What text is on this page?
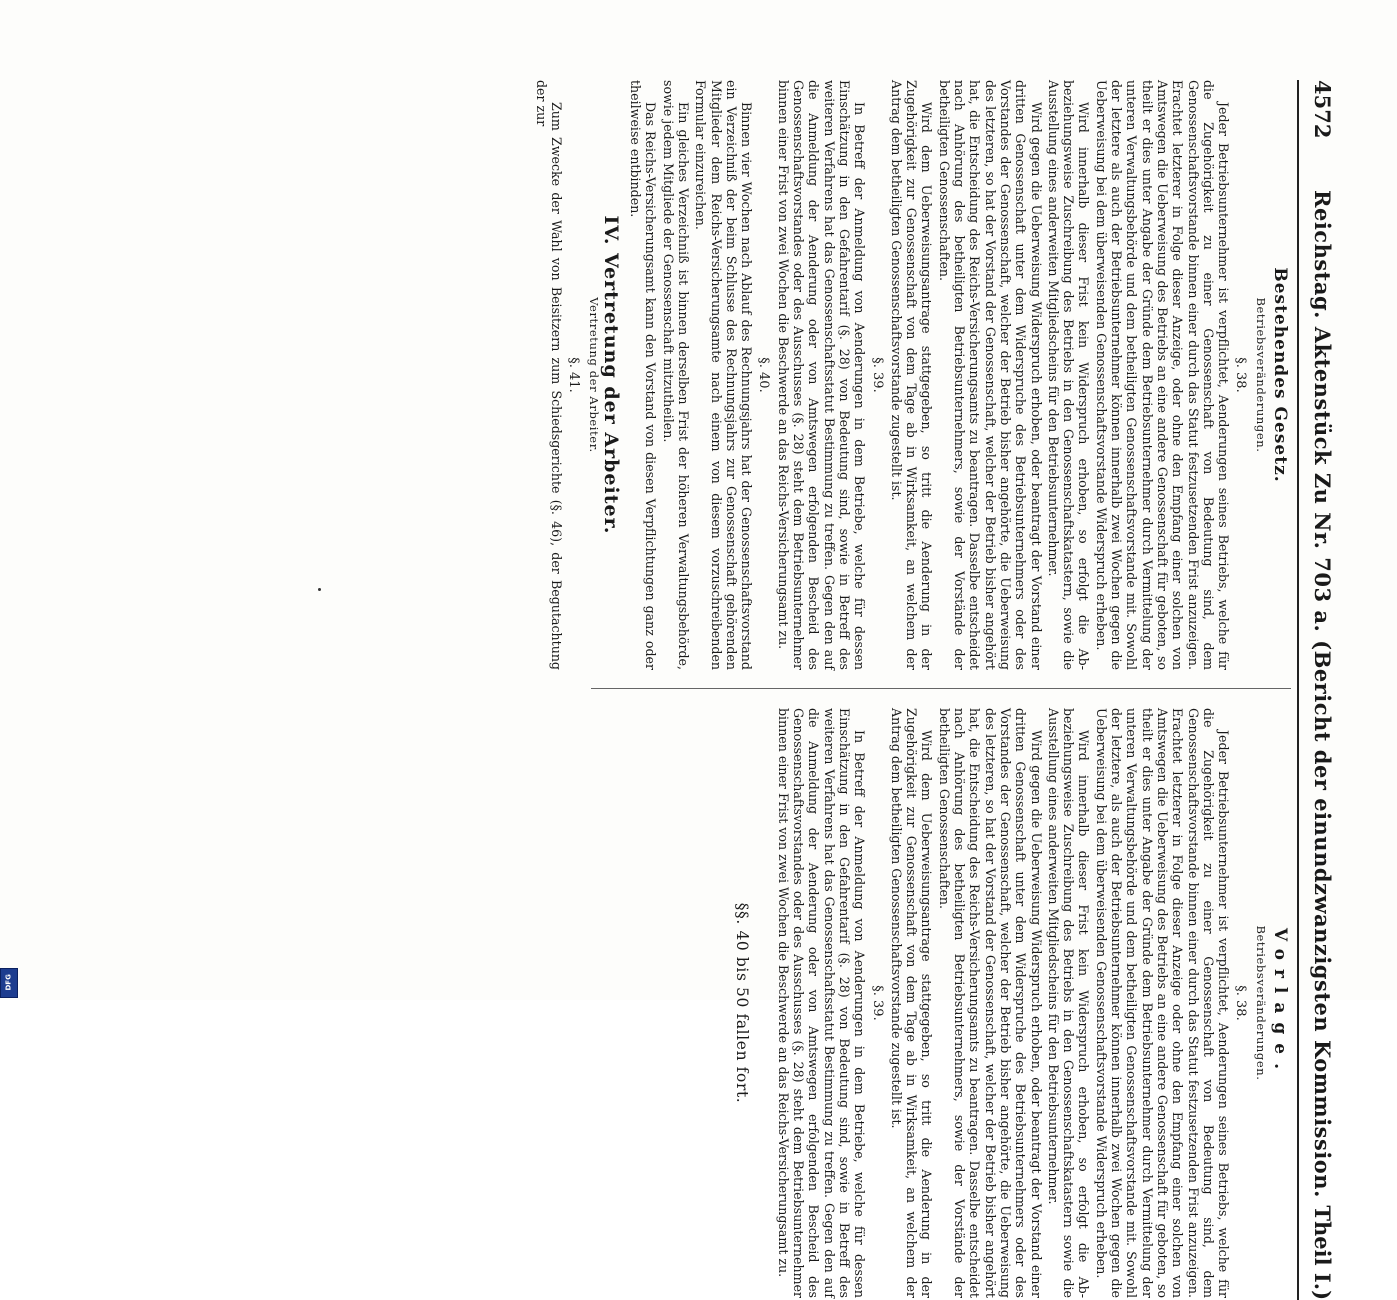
4572
Reichstag. Aktenstück Zu Nr. 703 a. (Bericht der einundzwanzigsten Kommission.
Theil I.)
Bestehendes Gesetz.
Betriebsveränderungen.
§. 38.

Jeder Betriebsunternehmer ist verpflichtet, Aenderungen seines Betriebs, welche für die Zugehörigkeit zu einer Genossenschaft von Bedeutung sind, dem Genossenschaftsvorstande binnen einer durch das Statut festzusetzenden Frist anzuzeigen. Erachtet letzterer in Folge dieser Anzeige, oder ohne den Empfang einer solchen von Amtswegen die Ueberweisung des Betriebs an eine andere Genossenschaft für geboten, so theilt er dies unter Angabe der Gründe dem Betriebsunternehmer durch Vermittelung der unteren Verwaltungsbehörde und dem betheiligten Genossenschaftsvorstande mit. Sowohl der letztere als auch der Betriebsunternehmer können innerhalb zwei Wochen gegen die Ueberweisung bei dem überweisenden Genossenschaftsvorstande Widerspruch erheben.

Wird innerhalb dieser Frist kein Widerspruch erhoben, so erfolgt die Ab- beziehungsweise Zuschreibung des Betriebs in den Genossenschaftskatastern, sowie die Ausstellung eines anderweiten Mitgliedscheins für den Betriebsunternehmer.

Wird gegen die Ueberweisung Widerspruch erhoben, oder beantragt der Vorstand einer dritten Genossenschaft unter dem Widerspruche des Betriebsunternehmers oder des Vorstandes der Genossenschaft, welcher der Betrieb bisher angehörte, die Ueberweisung des letzteren, so hat der Vorstand der Genossenschaft, welcher der Betrieb bisher angehört hat, die Entscheidung des Reichs-Versicherungsamts zu beantragen. Dasselbe entscheidet nach Anhörung des betheiligten Betriebsunternehmers, sowie der Vorstände der betheiligten Genossenschaften.

Wird dem Ueberweisungsantrage stattgegeben, so tritt die Aenderung in der Zugehörigkeit zur Genossenschaft von dem Tage ab in Wirksamkeit, an welchem der Antrag dem betheiligten Genossenschaftsvorstande zugestellt ist.

§. 39.

In Betreff der Anmeldung von Aenderungen in dem Betriebe, welche für dessen Einschätzung in den Gefahrentarif (§. 28) von Bedeutung sind, sowie in Betreff des weiteren Verfahrens hat das Genossenschaftsstatut Bestimmung zu treffen. Gegen den auf die Anmeldung der Aenderung oder von Amtswegen erfolgenden Bescheid des Genossenschaftsvorstandes oder des Ausschusses (§. 28) steht dem Betriebsunternehmer binnen einer Frist von zwei Wochen die Beschwerde an das Reichs-Versicherungsamt zu.

§. 40.

Binnen vier Wochen nach Ablauf des Rechnungsjahrs hat der Genossenschaftsvorstand ein Verzeichniß der beim Schlusse des Rechnungsjahrs zur Genossenschaft gehörenden Mitglieder dem Reichs-Versicherungsamte nach einem von diesem vorzuschreibenden Formular einzureichen.

Ein gleiches Verzeichniß ist binnen derselben Frist der höheren Verwaltungsbehörde, sowie jedem Mitgliede der Genossenschaft mitzutheilen.

Das Reichs-Versicherungsamt kann den Vorstand von diesen Verpflichtungen ganz oder theilweise entbinden.

IV. Vertretung der Arbeiter.
Vertretung der Arbeiter.
§. 41.

Zum Zwecke der Wahl von Beisitzern zum Schiedsgerichte (§. 46), der Begutachtung der zur

Vorlage.
Betriebsveränderungen.
§. 38.

Jeder Betriebsunternehmer ist verpflichtet, Aenderungen seines Betriebs, welche für die Zugehörigkeit zu einer Genossenschaft von Bedeutung sind, dem Genossenschaftsvorstande binnen einer durch das Statut festzusetzenden Frist anzuzeigen. Erachtet letzterer in Folge dieser Anzeige oder ohne den Empfang einer solchen von Amtswegen die Ueberweisung des Betriebs an eine andere Genossenschaft für geboten, so theilt er dies unter Angabe der Gründe dem Betriebsunternehmer durch Vermittelung der unteren Verwaltungsbehörde und dem betheiligten Genossenschaftsvorstande mit. Sowohl der letztere, als auch der Betriebsunternehmer können innerhalb zwei Wochen gegen die Ueberweisung bei dem überweisenden Genossenschaftsvorstande Widerspruch erheben.

Wird innerhalb dieser Frist kein Widerspruch erhoben, so erfolgt die Ab- beziehungsweise Zuschreibung des Betriebs in den Genossenschaftskatastern sowie die Ausstellung eines anderweiten Mitgliedscheins für den Betriebsunternehmer.

Wird gegen die Ueberweisung Widerspruch erhoben, oder beantragt der Vorstand einer dritten Genossenschaft unter dem Widerspruche des Betriebsunternehmers oder des Vorstandes der Genossenschaft, welcher der Betrieb bisher angehörte, die Ueberweisung des letzteren, so hat der Vorstand der Genossenschaft, welcher der Betrieb bisher angehört hat, die Entscheidung des Reichs-Versicherungsamts zu beantragen. Dasselbe entscheidet nach Anhörung des betheiligten Betriebsunternehmers, sowie der Vorstände der betheiligten Genossenschaften.

Wird dem Ueberweisungsantrage stattgegeben, so tritt die Aenderung in der Zugehörigkeit zur Genossenschaft von dem Tage ab in Wirksamkeit, an welchem der Antrag dem betheiligten Genossenschaftsvorstande zugestellt ist.

§. 39.

In Betreff der Anmeldung von Aenderungen in dem Betriebe, welche für dessen Einschätzung in den Gefahrentarif (§. 28) von Bedeutung sind, sowie in Betreff des weiteren Verfahrens hat das Genossenschaftsstatut Bestimmung zu treffen. Gegen den auf die Anmeldung der Aenderung oder von Amtswegen erfolgenden Bescheid des Genossenschaftsvorstandes oder des Ausschusses (§. 28) steht dem Betriebsunternehmer binnen einer Frist von zwei Wochen die Beschwerde an das Reichs-Versicherungsamt zu.

§§. 40 bis 50 fallen fort.
DFG
